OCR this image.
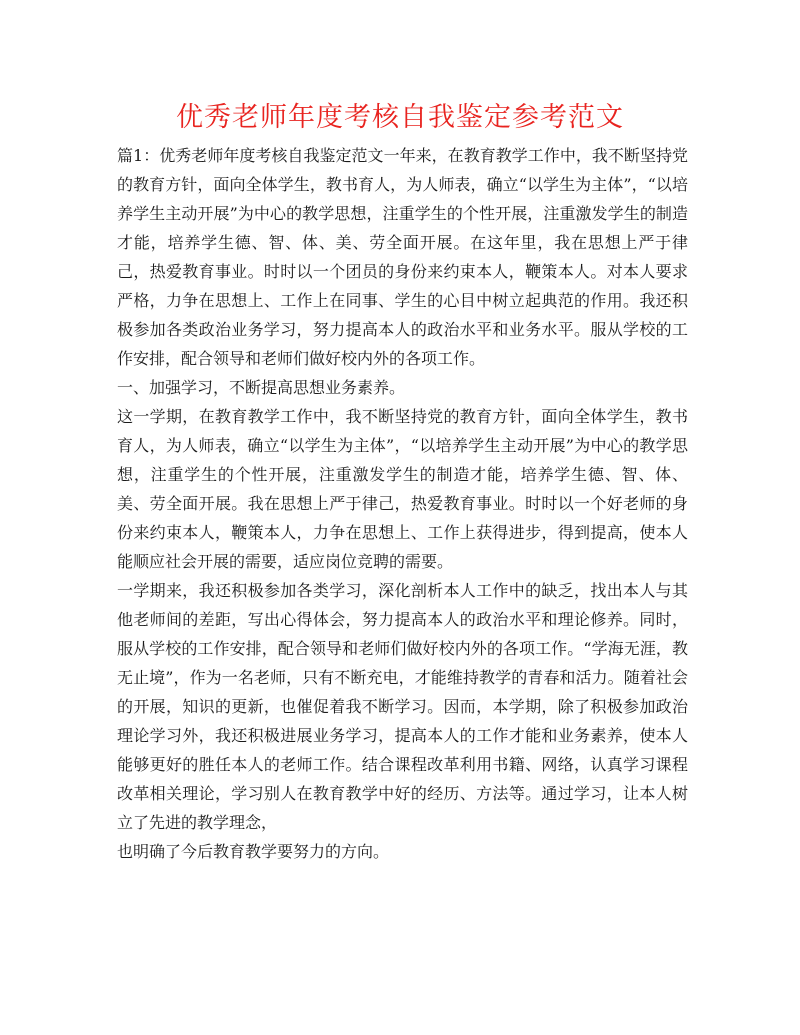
优秀老师年度考核自我鉴定参考范文

篇1：优秀老师年度考核自我鉴定范文一年来，在教育教学工作中，我不断坚持党的教育方针，面向全体学生，教书育人，为人师表，确立“以学生为主体”，“以培养学生主动开展”为中心的教学思想，注重学生的个性开展，注重激发学生的制造才能，培养学生德、智、体、美、劳全面开展。在这年里，我在思想上严于律己，热爱教育事业。时时以一个团员的身份来约束本人，鞭策本人。对本人要求严格，力争在思想上、工作上在同事、学生的心目中树立起典范的作用。我还积极参加各类政治业务学习，努力提高本人的政治水平和业务水平。服从学校的工作安排，配合领导和老师们做好校内外的各项工作。

一、加强学习，不断提高思想业务素养。

这一学期，在教育教学工作中，我不断坚持党的教育方针，面向全体学生，教书育人，为人师表，确立“以学生为主体”，“以培养学生主动开展”为中心的教学思想，注重学生的个性开展，注重激发学生的制造才能，培养学生德、智、体、美、劳全面开展。我在思想上严于律己，热爱教育事业。时时以一个好老师的身份来约束本人，鞭策本人，力争在思想上、工作上获得进步，得到提高，使本人能顺应社会开展的需要，适应岗位竞聘的需要。

一学期来，我还积极参加各类学习，深化剖析本人工作中的缺乏，找出本人与其他老师间的差距，写出心得体会，努力提高本人的政治水平和理论修养。同时，服从学校的工作安排，配合领导和老师们做好校内外的各项工作。“学海无涯，教无止境”，作为一名老师，只有不断充电，才能维持教学的青春和活力。随着社会的开展，知识的更新，也催促着我不断学习。因而，本学期，除了积极参加政治理论学习外，我还积极进展业务学习，提高本人的工作才能和业务素养，使本人能够更好的胜任本人的老师工作。结合课程改革利用书籍、网络，认真学习课程改革相关理论，学习别人在教育教学中好的经历、方法等。通过学习，让本人树立了先进的教学理念，

也明确了今后教育教学要努力的方向。
